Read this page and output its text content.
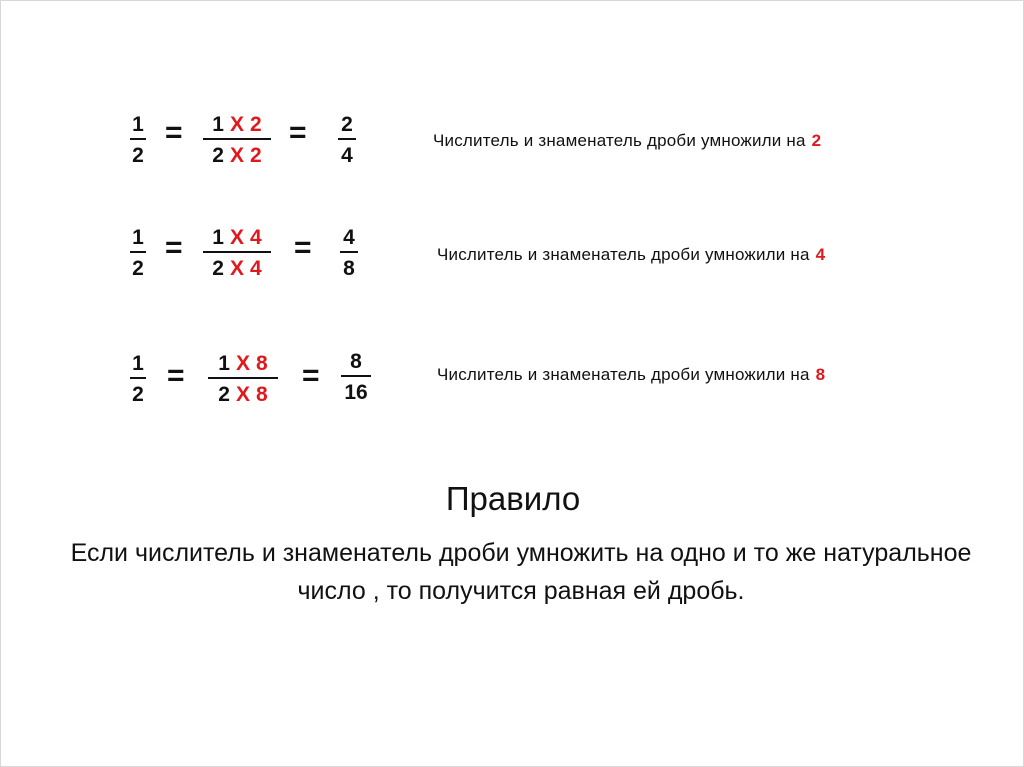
1
2
= 1 X 2
2 X 2
= 2
4
Числитель и знаменатель дроби умножили на 2
1
2
= 1 X 4
2 X 4
= 4
8
Числитель и знаменатель дроби умножили на 4
1
2
= 1 X 8
2 X 8
= 8
16
Числитель и знаменатель дроби умножили на 8
Правило
Если числитель и знаменатель дроби умножить на одно и то же натуральное число , то получится равная ей дробь.
